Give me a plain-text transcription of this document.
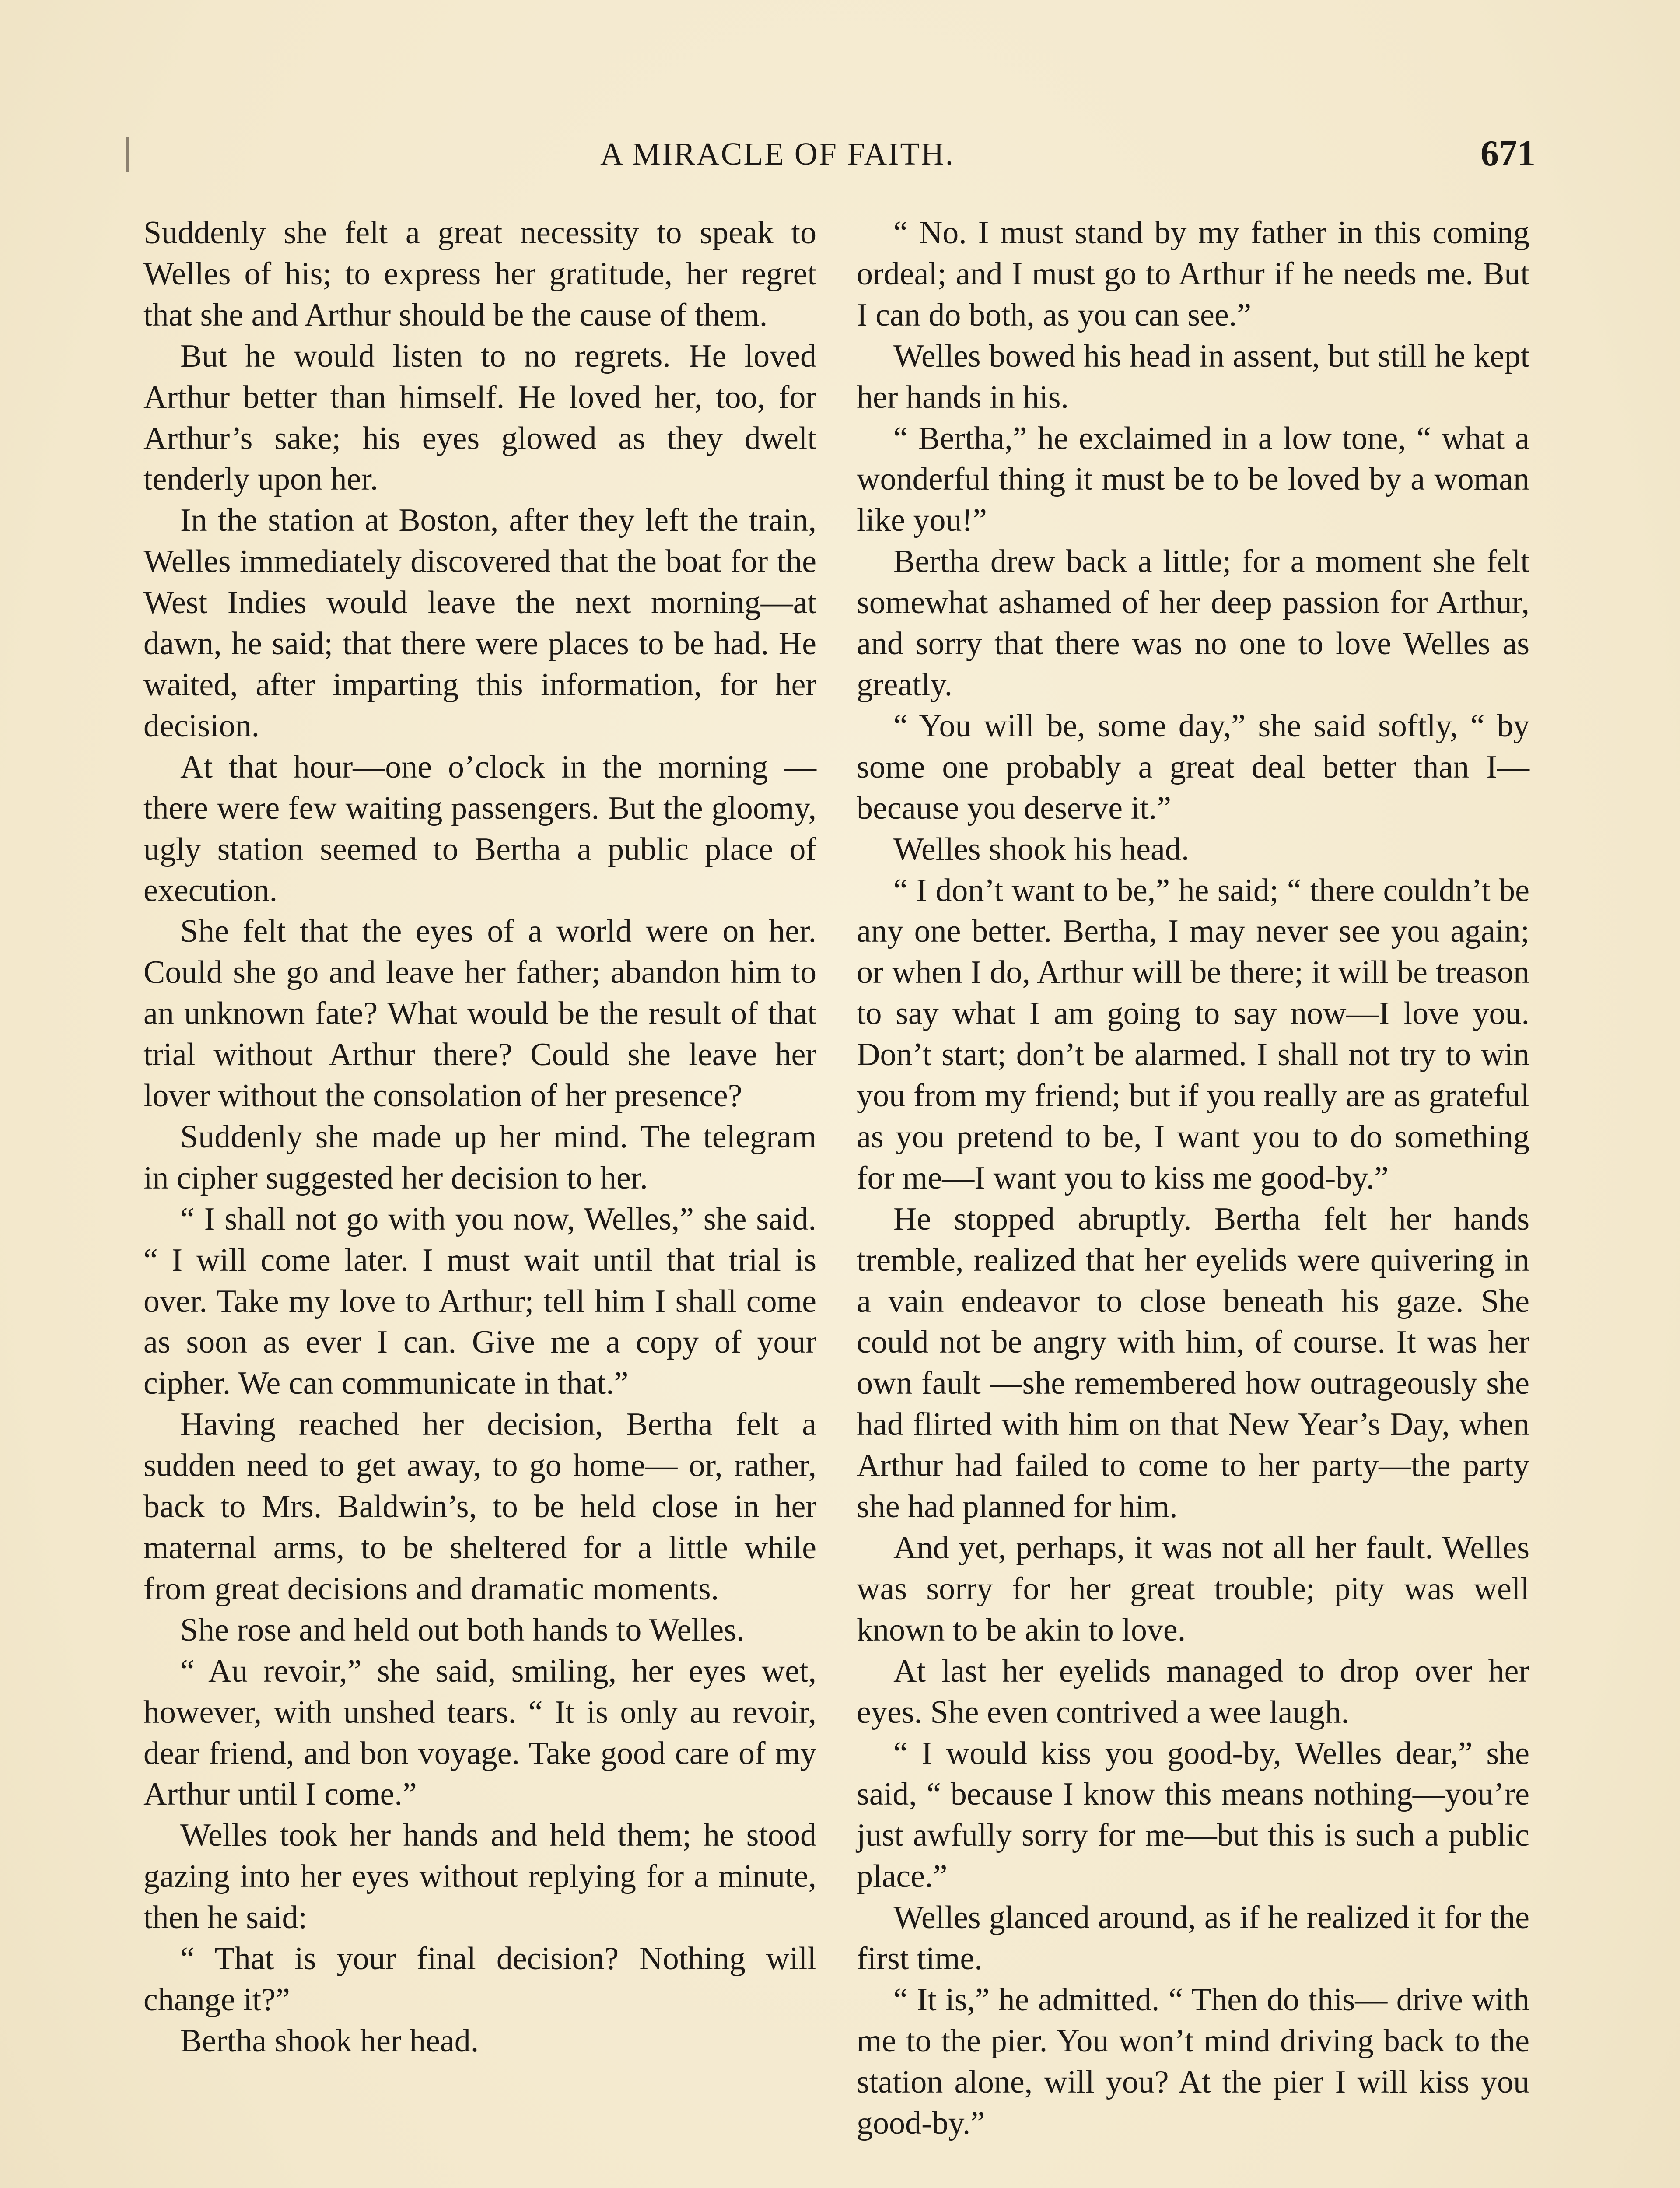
A MIRACLE OF FAITH.	671

Suddenly she felt a great necessity to speak to Welles of his; to express her gratitude, her regret that she and Arthur should be the cause of them.

But he would listen to no regrets. He loved Arthur better than himself. He loved her, too, for Arthur’s sake; his eyes glowed as they dwelt tenderly upon her.

In the station at Boston, after they left the train, Welles immediately discovered that the boat for the West Indies would leave the next morning—at dawn, he said; that there were places to be had. He waited, after imparting this information, for her decision.

At that hour—one o’clock in the morning —there were few waiting passengers. But the gloomy, ugly station seemed to Bertha a public place of execution.

She felt that the eyes of a world were on her. Could she go and leave her father; abandon him to an unknown fate? What would be the result of that trial without Arthur there? Could she leave her lover without the consolation of her presence?

Suddenly she made up her mind. The telegram in cipher suggested her decision to her.

“ I shall not go with you now, Welles,” she said. “ I will come later. I must wait until that trial is over. Take my love to Arthur; tell him I shall come as soon as ever I can. Give me a copy of your cipher. We can communicate in that.”

Having reached her decision, Bertha felt a sudden need to get away, to go home— or, rather, back to Mrs. Baldwin’s, to be held close in her maternal arms, to be sheltered for a little while from great decisions and dramatic moments.

She rose and held out both hands to Welles.

“ Au revoir,” she said, smiling, her eyes wet, however, with unshed tears. “ It is only au revoir, dear friend, and bon voyage. Take good care of my Arthur until I come.”

Welles took her hands and held them; he stood gazing into her eyes without replying for a minute, then he said:

“ That is your final decision? Nothing will change it?”

Bertha shook her head.

“ No. I must stand by my father in this coming ordeal; and I must go to Arthur if he needs me. But I can do both, as you can see.”

Welles bowed his head in assent, but still he kept her hands in his.

“ Bertha,” he exclaimed in a low tone, “ what a wonderful thing it must be to be loved by a woman like you!”

Bertha drew back a little; for a moment she felt somewhat ashamed of her deep passion for Arthur, and sorry that there was no one to love Welles as greatly.

“ You will be, some day,” she said softly, “ by some one probably a great deal better than I—because you deserve it.”

Welles shook his head.

“ I don’t want to be,” he said; “ there couldn’t be any one better. Bertha, I may never see you again; or when I do, Arthur will be there; it will be treason to say what I am going to say now—I love you. Don’t start; don’t be alarmed. I shall not try to win you from my friend; but if you really are as grateful as you pretend to be, I want you to do something for me—I want you to kiss me good-by.”

He stopped abruptly. Bertha felt her hands tremble, realized that her eyelids were quivering in a vain endeavor to close beneath his gaze. She could not be angry with him, of course. It was her own fault —she remembered how outrageously she had flirted with him on that New Year’s Day, when Arthur had failed to come to her party—the party she had planned for him.

And yet, perhaps, it was not all her fault. Welles was sorry for her great trouble; pity was well known to be akin to love.

At last her eyelids managed to drop over her eyes. She even contrived a wee laugh.

“ I would kiss you good-by, Welles dear,” she said, “ because I know this means nothing—you’re just awfully sorry for me—but this is such a public place.”

Welles glanced around, as if he realized it for the first time.

“ It is,” he admitted. “ Then do this— drive with me to the pier. You won’t mind driving back to the station alone, will you? At the pier I will kiss you good-by.”
